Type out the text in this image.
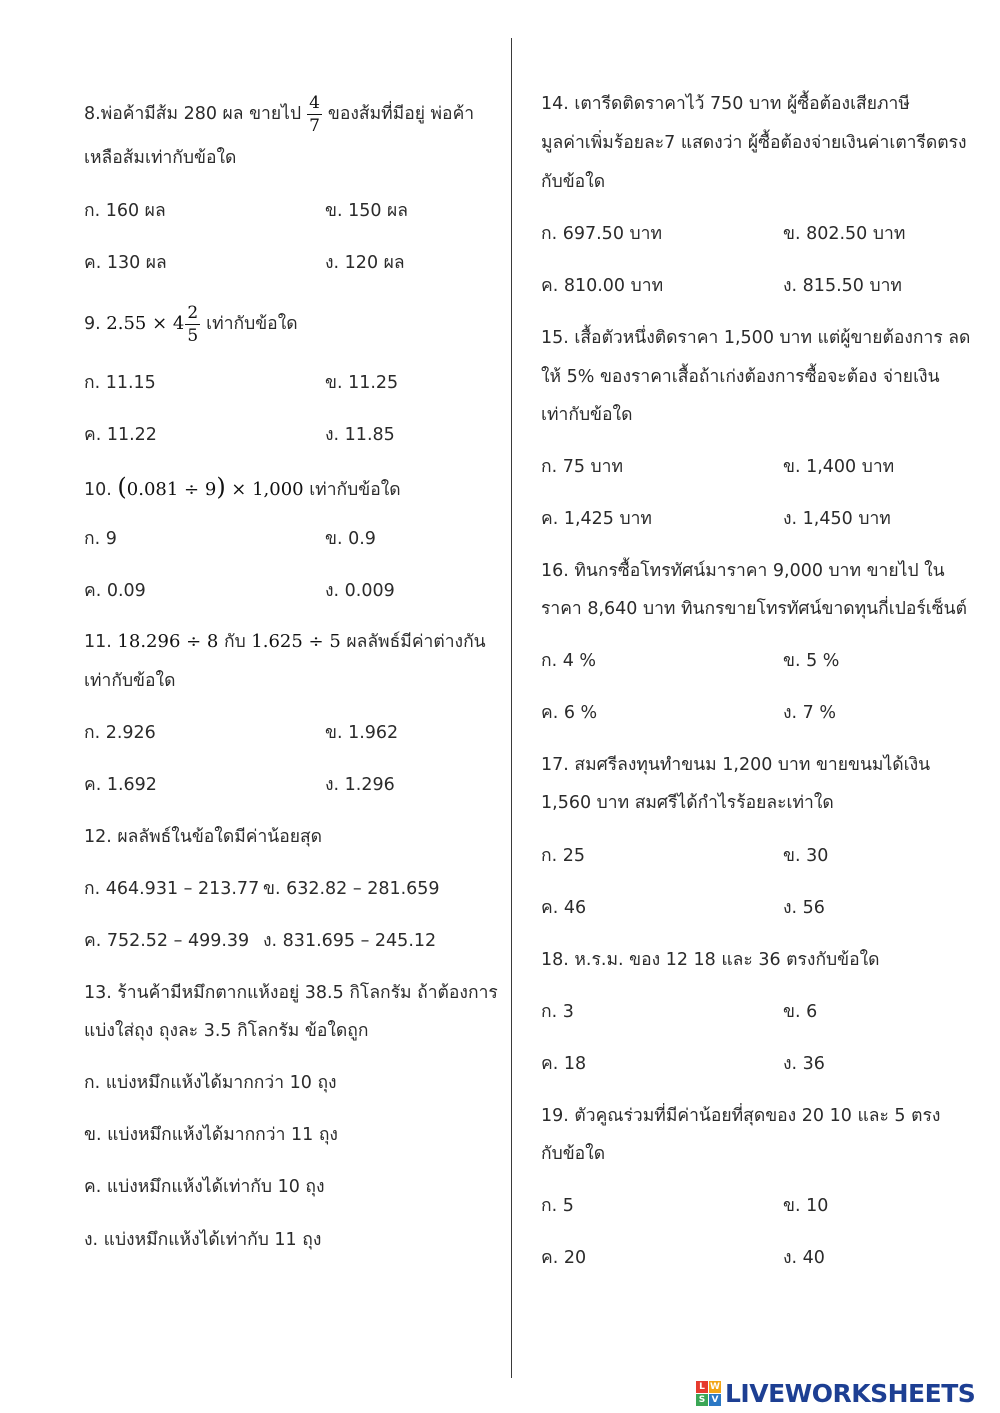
8.พ่อค้ามีส้ม 280 ผล ขายไป $\frac{4}{7}$ ของส้มที่มีอยู่ พ่อค้า
เหลือส้มเท่ากับข้อใด
ก. 160 ผล	ข. 150 ผล
ค. 130 ผล	ง. 120 ผล
9. $2.55 \times 4 \frac{2}{5}$ เท่ากับข้อใด
ก. 11.15	ข. 11.25
ค. 11.22	ง. 11.85
10. (0.081 ÷ 9) × 1,000 เท่ากับข้อใด
ก. 9	ข. 0.9
ค. 0.09	ง. 0.009
11. 18.296 ÷ 8 กับ 1.625 ÷ 5 ผลลัพธ์มีค่าต่างกัน
เท่ากับข้อใด
ก. 2.926	ข. 1.962
ค. 1.692	ง. 1.296
12. ผลลัพธ์ในข้อใดมีค่าน้อยสุด
ก. 464.931 – 213.77 ข. 632.82 – 281.659
ค. 752.52 – 499.39 ง. 831.695 – 245.12
13. ร้านค้ามีหมึกตากแห้งอยู่ 38.5 กิโลกรัม ถ้าต้องการ
แบ่งใส่ถุง ถุงละ 3.5 กิโลกรัม ข้อใดถูก
ก. แบ่งหมึกแห้งได้มากกว่า 10 ถุง
ข. แบ่งหมึกแห้งได้มากกว่า 11 ถุง
ค. แบ่งหมึกแห้งได้เท่ากับ 10 ถุง
ง. แบ่งหมึกแห้งได้เท่ากับ 11 ถุง
14. เตารีดติดราคาไว้ 750 บาท ผู้ซื้อต้องเสียภาษี
มูลค่าเพิ่มร้อยละ7 แสดงว่า ผู้ซื้อต้องจ่ายเงินค่าเตารีดตรง
กับข้อใด
ก. 697.50 บาท	ข. 802.50 บาท
ค. 810.00 บาท	ง. 815.50 บาท
15. เสื้อตัวหนึ่งติดราคา 1,500 บาท แต่ผู้ขายต้องการ ลด
ให้ 5% ของราคาเสื้อถ้าเก่งต้องการซื้อจะต้อง จ่ายเงิน
เท่ากับข้อใด
ก. 75 บาท	ข. 1,400 บาท
ค. 1,425 บาท	ง. 1,450 บาท
16. ทินกรซื้อโทรทัศน์มาราคา 9,000 บาท ขายไป ใน
ราคา 8,640 บาท ทินกรขายโทรทัศน์ขาดทุนกี่เปอร์เซ็นต์
ก. 4 %	ข. 5 %
ค. 6 %	ง. 7 %
17. สมศรีลงทุนทำขนม 1,200 บาท ขายขนมได้เงิน
1,560 บาท สมศรีได้กำไรร้อยละเท่าใด
ก. 25	ข. 30
ค. 46	ง. 56
18. ห.ร.ม. ของ 12 18 และ 36 ตรงกับข้อใด
ก. 3	ข. 6
ค. 18	ง. 36
19. ตัวคูณร่วมที่มีค่าน้อยที่สุดของ 20 10 และ 5 ตรง
กับข้อใด
ก. 5	ข. 10
ค. 20	ง. 40
L W
S V LIVEWORKSHEETS
